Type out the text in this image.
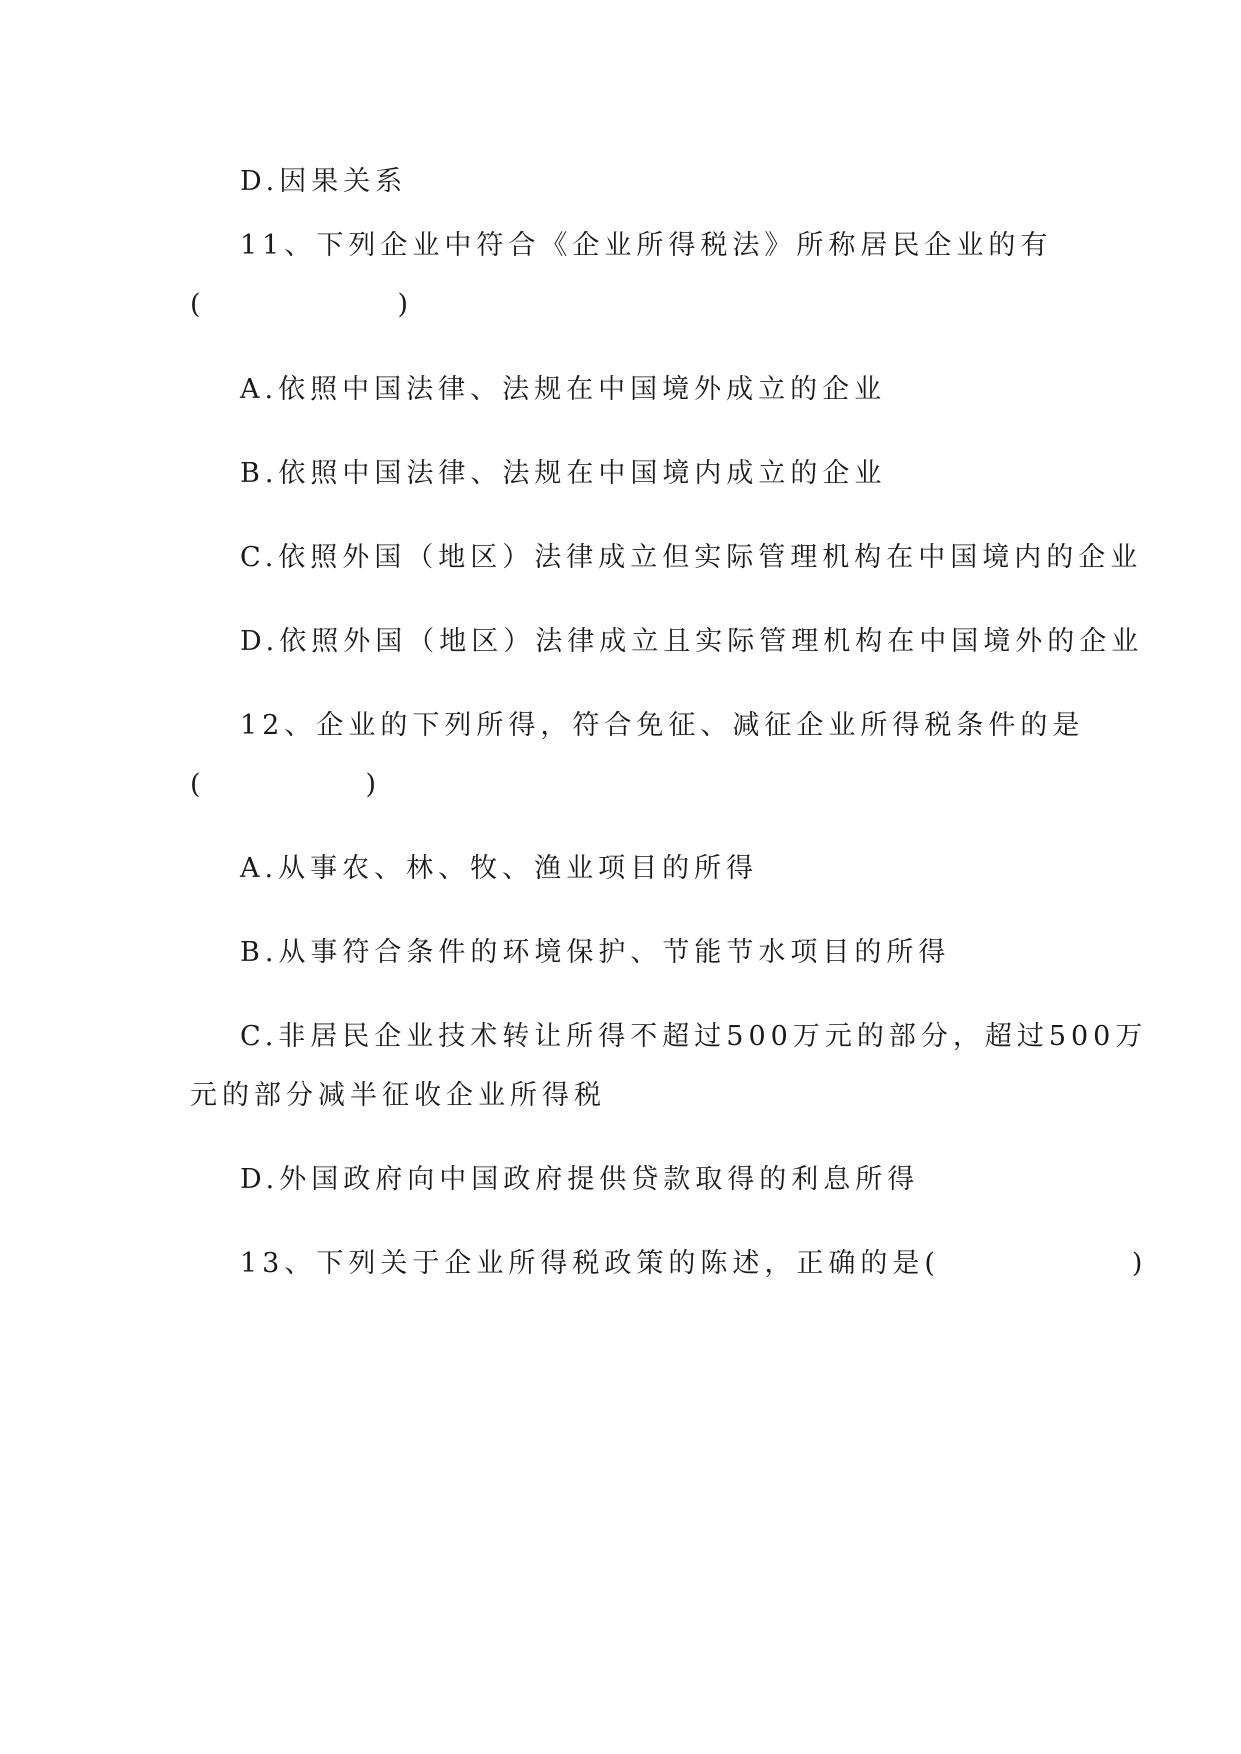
D.因果关系
11、下列企业中符合《企业所得税法》所称居民企业的有
(　　　　　　)
A.依照中国法律、法规在中国境外成立的企业
B.依照中国法律、法规在中国境内成立的企业
C.依照外国（地区）法律成立但实际管理机构在中国境内的企业
D.依照外国（地区）法律成立且实际管理机构在中国境外的企业
12、企业的下列所得，符合免征、减征企业所得税条件的是
(　　　　　)
A.从事农、林、牧、渔业项目的所得
B.从事符合条件的环境保护、节能节水项目的所得
C.非居民企业技术转让所得不超过500万元的部分，超过500万
元的部分减半征收企业所得税
D.外国政府向中国政府提供贷款取得的利息所得
13、下列关于企业所得税政策的陈述，正确的是(　　　　　　)
